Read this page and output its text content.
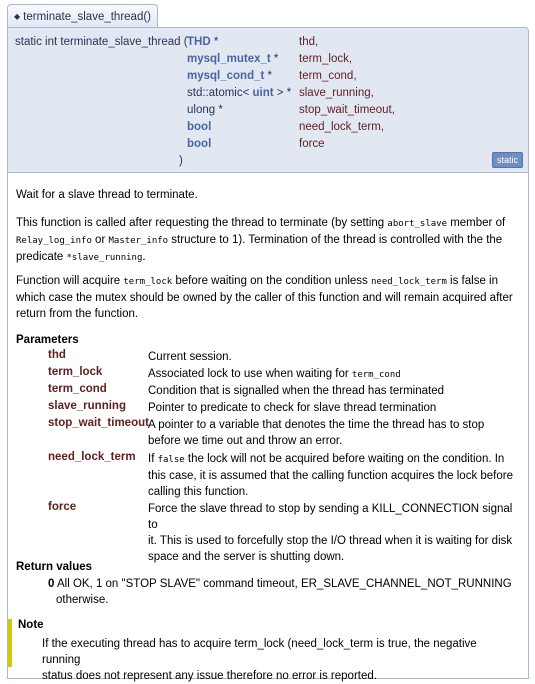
◆ terminate_slave_thread()
static int terminate_slave_thread ( THD *	thd,
mysql_mutex_t * term_lock,
mysql_cond_t * term_cond,
std::atomic< uint > * slave_running,
ulong *	stop_wait_timeout,
bool	need_lock_term,
bool	force
)	static
Wait for a slave thread to terminate.
This function is called after requesting the thread to terminate (by setting abort_slave member of
Relay_log_info or Master_info structure to 1). Termination of the thread is controlled with the the
predicate *slave_running.
Function will acquire term_lock before waiting on the condition unless need_lock_term is false in
which case the mutex should be owned by the caller of this function and will remain acquired after
return from the function.
Parameters
thd	Current session.
term_lock	Associated lock to use when waiting for term_cond
term_cond	Condition that is signalled when the thread has terminated
slave_running Pointer to predicate to check for slave thread termination
stop_wait_timeout A pointer to a variable that denotes the time the thread has to stop
before we time out and throw an error.
need_lock_term If false the lock will not be acquired before waiting on the condition. In
this case, it is assumed that the calling function acquires the lock before
calling this function.
force	Force the slave thread to stop by sending a KILL_CONNECTION signal to
it. This is used to forcefully stop the I/O thread when it is waiting for disk
space and the server is shutting down.
Return values
0 All OK, 1 on "STOP SLAVE" command timeout, ER_SLAVE_CHANNEL_NOT_RUNNING
otherwise.
Note
If the executing thread has to acquire term_lock (need_lock_term is true, the negative running
status does not represent any issue therefore no error is reported.
